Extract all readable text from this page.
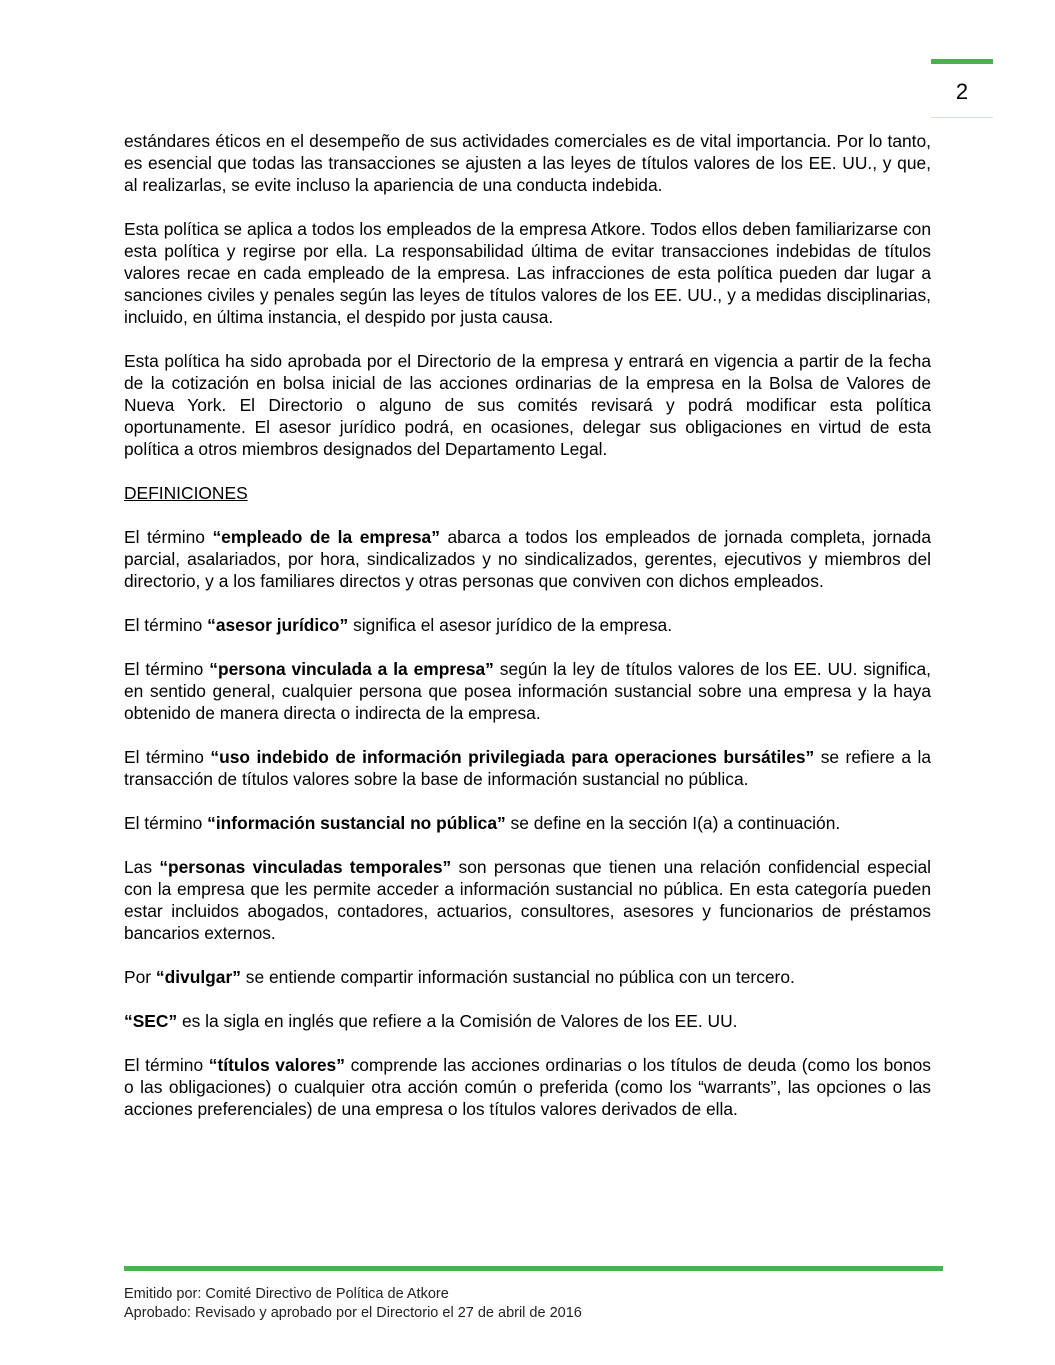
2

estándares éticos en el desempeño de sus actividades comerciales es de vital importancia. Por lo tanto, es esencial que todas las transacciones se ajusten a las leyes de títulos valores de los EE. UU., y que, al realizarlas, se evite incluso la apariencia de una conducta indebida.

Esta política se aplica a todos los empleados de la empresa Atkore. Todos ellos deben familiarizarse con esta política y regirse por ella. La responsabilidad última de evitar transacciones indebidas de títulos valores recae en cada empleado de la empresa. Las infracciones de esta política pueden dar lugar a sanciones civiles y penales según las leyes de títulos valores de los EE. UU., y a medidas disciplinarias, incluido, en última instancia, el despido por justa causa.

Esta política ha sido aprobada por el Directorio de la empresa y entrará en vigencia a partir de la fecha de la cotización en bolsa inicial de las acciones ordinarias de la empresa en la Bolsa de Valores de Nueva York. El Directorio o alguno de sus comités revisará y podrá modificar esta política oportunamente. El asesor jurídico podrá, en ocasiones, delegar sus obligaciones en virtud de esta política a otros miembros designados del Departamento Legal.

DEFINICIONES

El término “empleado de la empresa” abarca a todos los empleados de jornada completa, jornada parcial, asalariados, por hora, sindicalizados y no sindicalizados, gerentes, ejecutivos y miembros del directorio, y a los familiares directos y otras personas que conviven con dichos empleados.

El término “asesor jurídico” significa el asesor jurídico de la empresa.

El término “persona vinculada a la empresa” según la ley de títulos valores de los EE. UU. significa, en sentido general, cualquier persona que posea información sustancial sobre una empresa y la haya obtenido de manera directa o indirecta de la empresa.

El término “uso indebido de información privilegiada para operaciones bursátiles” se refiere a la transacción de títulos valores sobre la base de información sustancial no pública.

El término “información sustancial no pública” se define en la sección I(a) a continuación.

Las “personas vinculadas temporales” son personas que tienen una relación confidencial especial con la empresa que les permite acceder a información sustancial no pública. En esta categoría pueden estar incluidos abogados, contadores, actuarios, consultores, asesores y funcionarios de préstamos bancarios externos.

Por “divulgar” se entiende compartir información sustancial no pública con un tercero.

“SEC” es la sigla en inglés que refiere a la Comisión de Valores de los EE. UU.

El término “títulos valores” comprende las acciones ordinarias o los títulos de deuda (como los bonos o las obligaciones) o cualquier otra acción común o preferida (como los “warrants”, las opciones o las acciones preferenciales) de una empresa o los títulos valores derivados de ella.

Emitido por: Comité Directivo de Política de Atkore
Aprobado: Revisado y aprobado por el Directorio el 27 de abril de 2016
